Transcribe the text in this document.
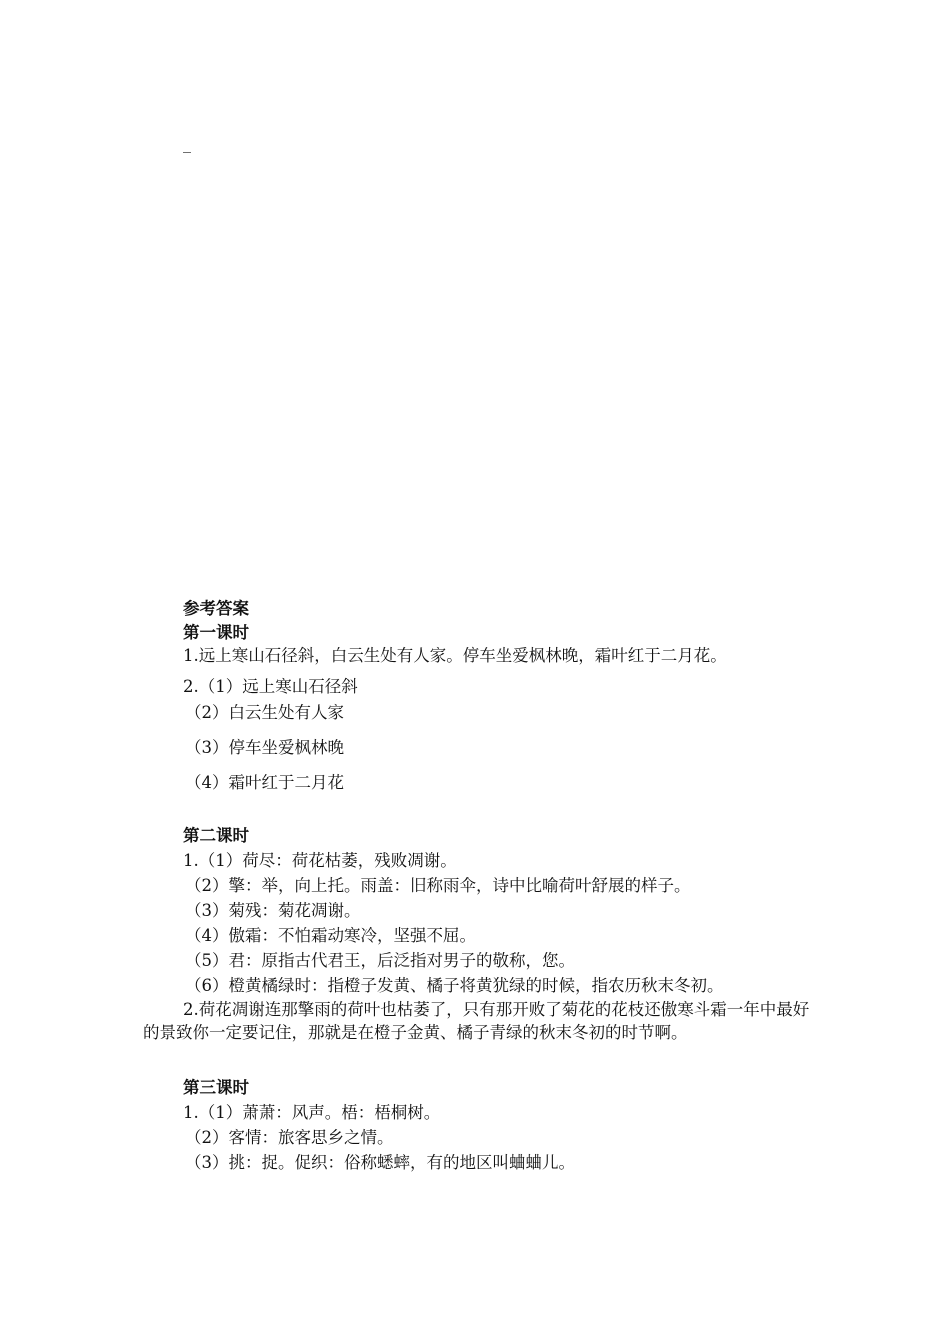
_
参考答案
第一课时
1.远上寒山石径斜，白云生处有人家。停车坐爱枫林晚，霜叶红于二月花。
2.（1）远上寒山石径斜
（2）白云生处有人家
（3）停车坐爱枫林晚
（4）霜叶红于二月花
第二课时
1.（1）荷尽：荷花枯萎，残败凋谢。
（2）擎：举，向上托。雨盖：旧称雨伞，诗中比喻荷叶舒展的样子。
（3）菊残：菊花凋谢。
（4）傲霜：不怕霜动寒冷，坚强不屈。
（5）君：原指古代君王，后泛指对男子的敬称，您。
（6）橙黄橘绿时：指橙子发黄、橘子将黄犹绿的时候，指农历秋末冬初。
2.荷花凋谢连那擎雨的荷叶也枯萎了，只有那开败了菊花的花枝还傲寒斗霜一年中最好的景致你一定要记住，那就是在橙子金黄、橘子青绿的秋末冬初的时节啊。
第三课时
1.（1）萧萧：风声。梧：梧桐树。
（2）客情：旅客思乡之情。
（3）挑：捉。促织：俗称蟋蟀，有的地区叫蛐蛐儿。
